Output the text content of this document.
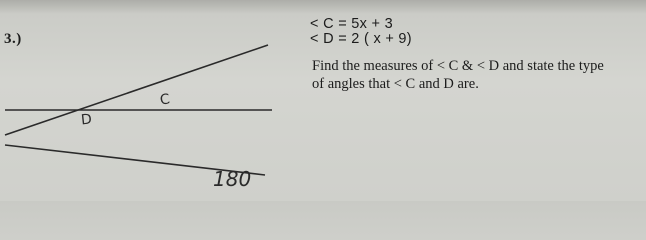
3.)
< C = 5x + 3
< D = 2 ( x + 9)
Find the measures of < C & < D and state the type
of angles that < C and D are.
C
D
180
